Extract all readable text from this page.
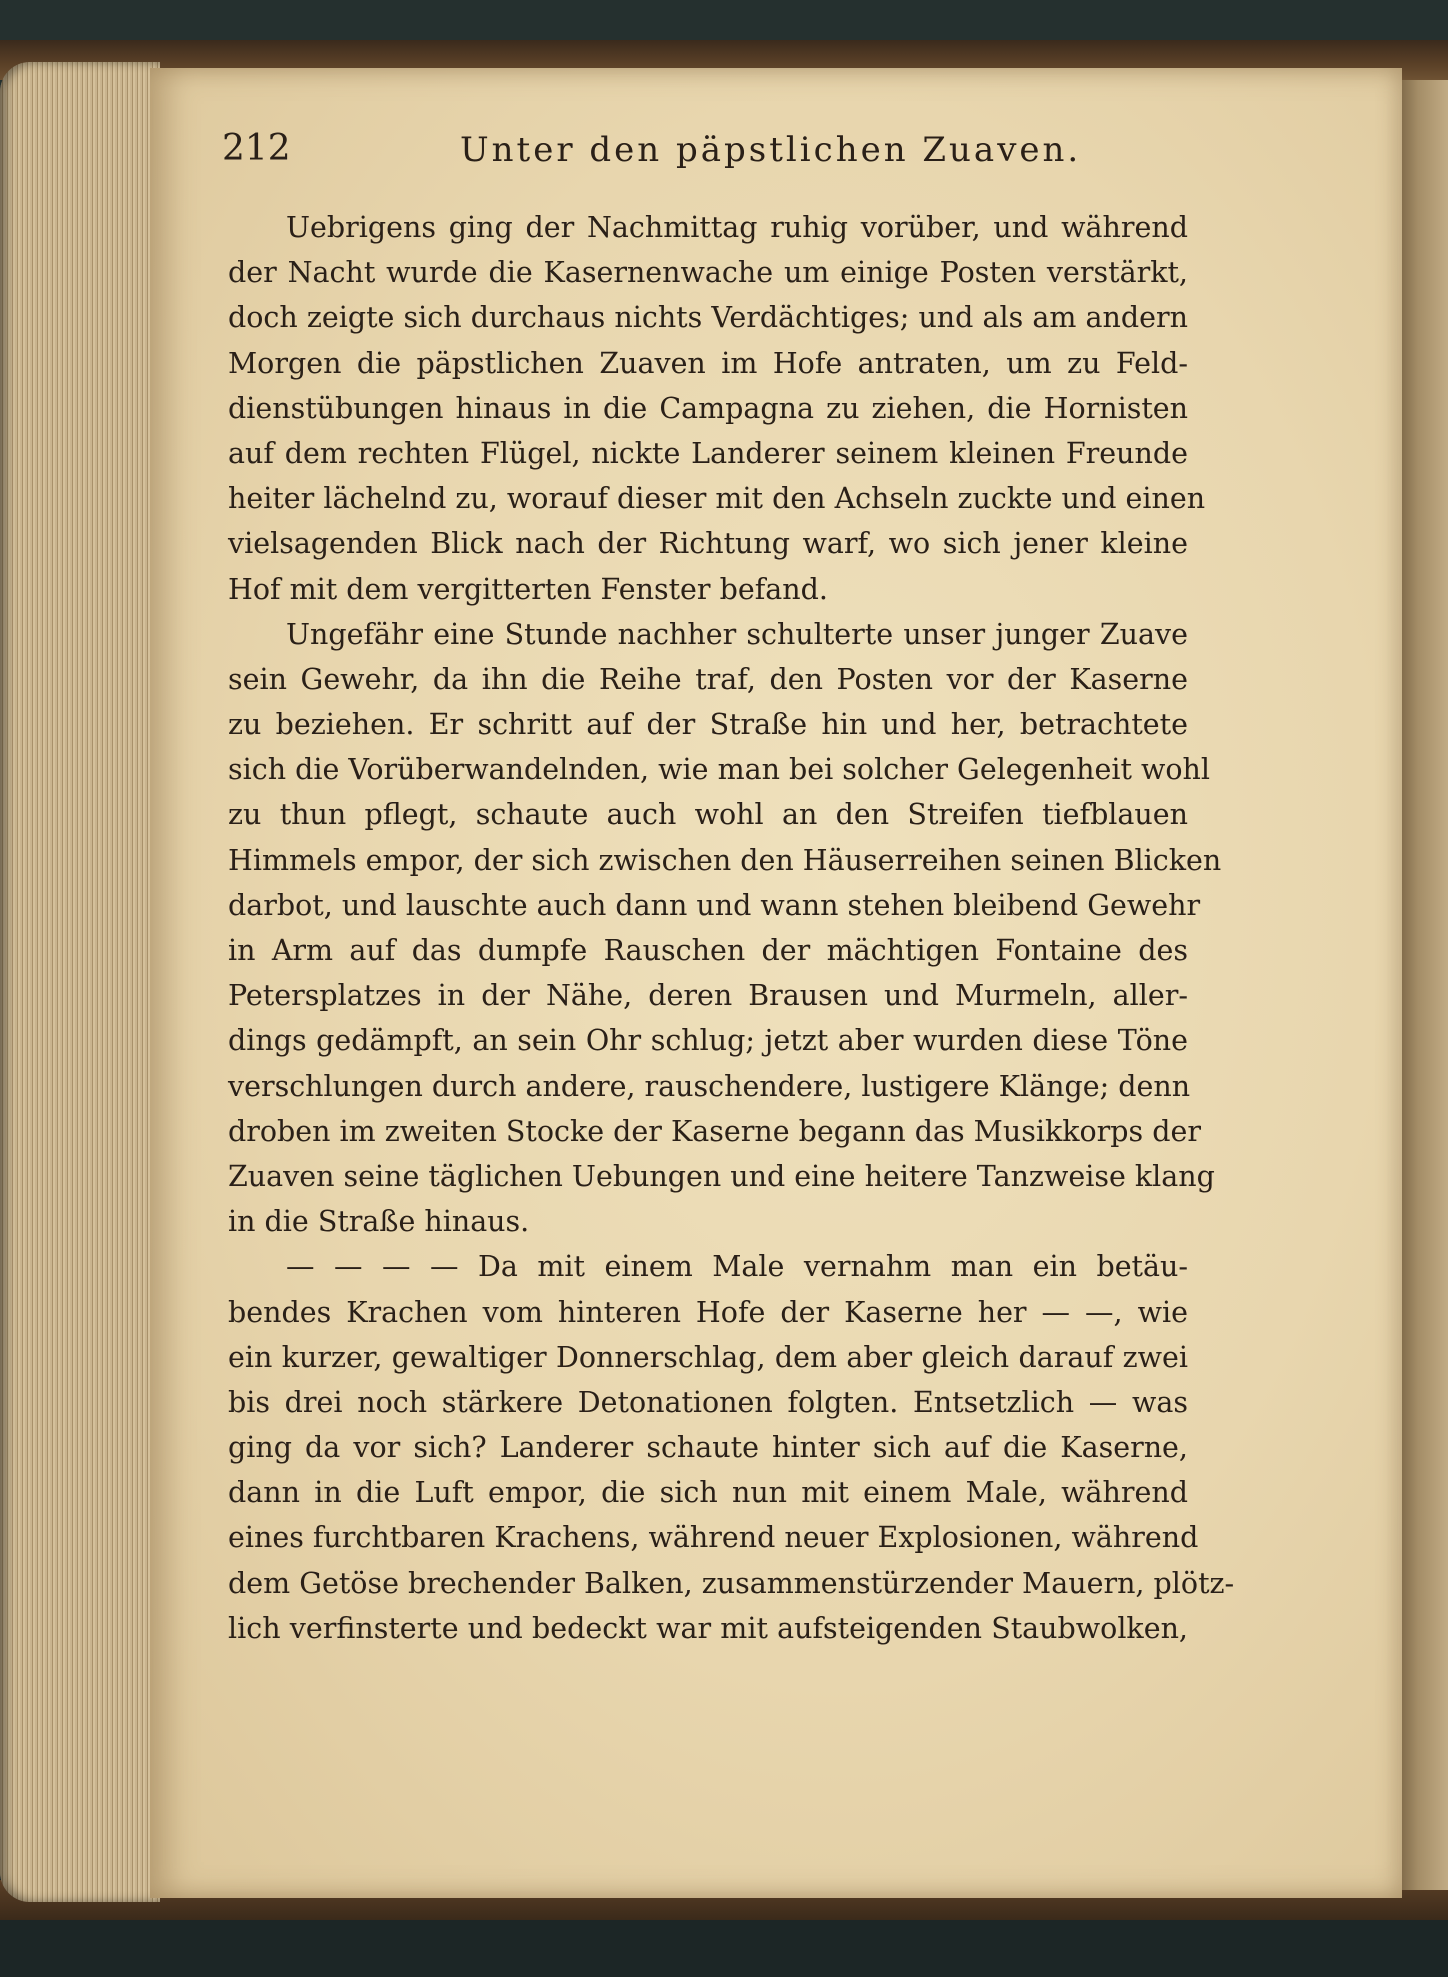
212	Unter den päpstlichen Zuaven.
Uebrigens ging der Nachmittag ruhig vorüber, und während
der Nacht wurde die Kasernenwache um einige Posten verstärkt,
doch zeigte sich durchaus nichts Verdächtiges; und als am andern
Morgen die päpstlichen Zuaven im Hofe antraten, um zu Feld-
dienstübungen hinaus in die Campagna zu ziehen, die Hornisten
auf dem rechten Flügel, nickte Landerer seinem kleinen Freunde
heiter lächelnd zu, worauf dieser mit den Achseln zuckte und einen
vielsagenden Blick nach der Richtung warf, wo sich jener kleine
Hof mit dem vergitterten Fenster befand.
Ungefähr eine Stunde nachher schulterte unser junger Zuave
sein Gewehr, da ihn die Reihe traf, den Posten vor der Kaserne
zu beziehen. Er schritt auf der Straße hin und her, betrachtete
sich die Vorüberwandelnden, wie man bei solcher Gelegenheit wohl
zu thun pflegt, schaute auch wohl an den Streifen tiefblauen
Himmels empor, der sich zwischen den Häuserreihen seinen Blicken
darbot, und lauschte auch dann und wann stehen bleibend Gewehr
in Arm auf das dumpfe Rauschen der mächtigen Fontaine des
Petersplatzes in der Nähe, deren Brausen und Murmeln, aller-
dings gedämpft, an sein Ohr schlug; jetzt aber wurden diese Töne
verschlungen durch andere, rauschendere, lustigere Klänge; denn
droben im zweiten Stocke der Kaserne begann das Musikkorps der
Zuaven seine täglichen Uebungen und eine heitere Tanzweise klang
in die Straße hinaus.
— — — — Da mit einem Male vernahm man ein betäu-
bendes Krachen vom hinteren Hofe der Kaserne her — —, wie
ein kurzer, gewaltiger Donnerschlag, dem aber gleich darauf zwei
bis drei noch stärkere Detonationen folgten. Entsetzlich — was
ging da vor sich? Landerer schaute hinter sich auf die Kaserne,
dann in die Luft empor, die sich nun mit einem Male, während
eines furchtbaren Krachens, während neuer Explosionen, während
dem Getöse brechender Balken, zusammenstürzender Mauern, plötz-
lich verfinsterte und bedeckt war mit aufsteigenden Staubwolken,
